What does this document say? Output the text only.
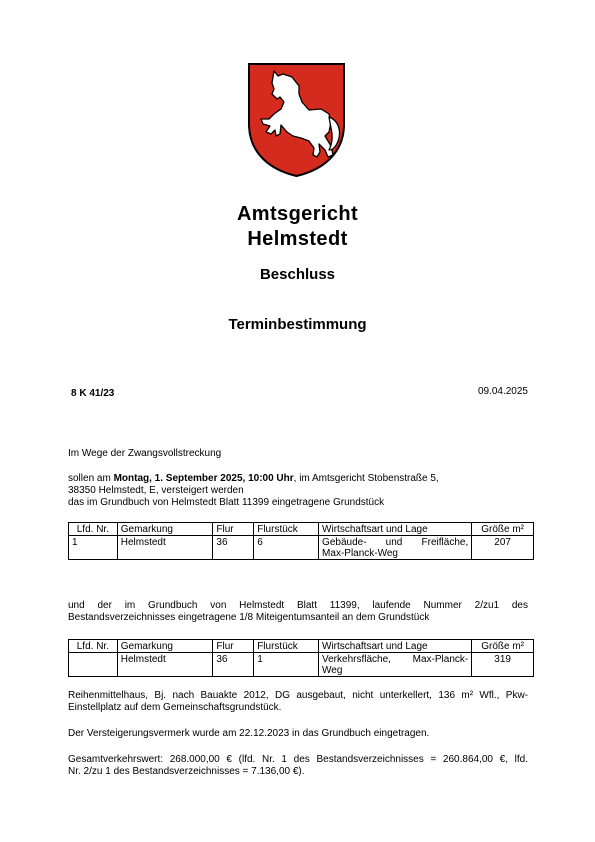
Amtsgericht
Helmstedt
Beschluss
Terminbestimmung
8 K 41/23	09.04.2025
Im Wege der Zwangsvollstreckung
sollen am Montag, 1. September 2025, 10:00 Uhr, im Amtsgericht Stobenstraße 5,
38350 Helmstedt, E, versteigert werden
das im Grundbuch von Helmstedt Blatt 11399 eingetragene Grundstück
Lfd. Nr.	Gemarkung	Flur	Flurstück	Wirtschaftsart und Lage	Größe m²
1	Helmstedt	36	6	Gebäude- und Freifläche,
Max-Planck-Weg	207
und der im Grundbuch von Helmstedt Blatt 11399, laufende Nummer 2/zu1 des
Bestandsverzeichnisses eingetragene 1/8 Miteigentumsanteil an dem Grundstück
Lfd. Nr.	Gemarkung	Flur	Flurstück	Wirtschaftsart und Lage	Größe m²
	Helmstedt	36	1	Verkehrsfläche, Max-Planck-
Weg	319
Reihenmittelhaus, Bj. nach Bauakte 2012, DG ausgebaut, nicht unterkellert, 136 m² Wfl., Pkw-
Einstellplatz auf dem Gemeinschaftsgrundstück.
Der Versteigerungsvermerk wurde am 22.12.2023 in das Grundbuch eingetragen.
Gesamtverkehrswert: 268.000,00 € (lfd. Nr. 1 des Bestandsverzeichnisses = 260.864,00 €, lfd.
Nr. 2/zu 1 des Bestandsverzeichnisses = 7.136,00 €).
